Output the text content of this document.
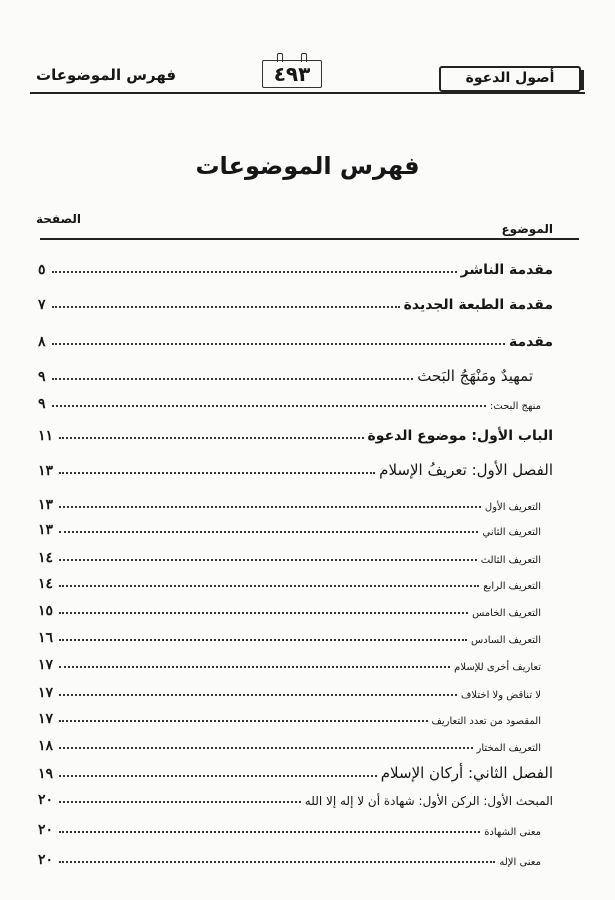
فهرس الموضوعات	٤٩٣	أصول الدعوة
فهرس الموضوعات
الصفحة
الموضوع
مقدمة الناشر
٥
مقدمة الطبعة الجديدة
٧
مقدمة
٨
تمهيدٌ ومَنْهَجُ البَحث
٩
منهج البحث:
٩
الباب الأول: موضوع الدعوة
١١
الفصل الأول: تعريفُ الإسلام
١٣
التعريف الأول
١٣
التعريف الثاني
١٣
التعريف الثالث
١٤
التعريف الرابع
١٤
التعريف الخامس
١٥
التعريف السادس
١٦
تعاريف أخرى للإسلام
١٧
لا تناقض ولا اختلاف
١٧
المقصود من تعدد التعاريف
١٧
التعريف المختار
١٨
الفصل الثاني: أركان الإسلام
١٩
المبحث الأول: الركن الأول: شهادة أن لا إله إلا الله
٢٠
معنى الشهادة
٢٠
معنى الإله
٢٠
